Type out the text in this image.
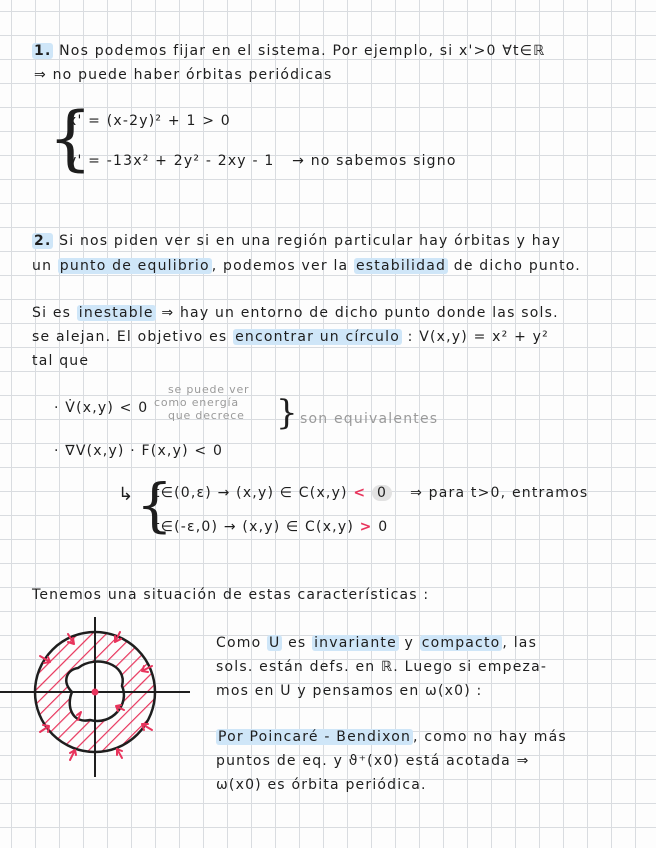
1. Nos podemos fijar en el sistema. Por ejemplo, si x'>0 ∀t∈ℝ
⇒ no puede haber órbitas periódicas
{
x' = (x-2y)² + 1 > 0
y' = -13x² + 2y² - 2xy - 1 → no sabemos signo
2. Si nos piden ver si en una región particular hay órbitas y hay
un punto de equlibrio , podemos ver la estabilidad de dicho punto.
Si es inestable ⇒ hay un entorno de dicho punto donde las sols.
se alejan. El objetivo es encontrar un círculo : V(x,y) = x² + y²
tal que
· V̇(x,y) < 0
se puede ver
como energía
que decrece } son equivalentes
· ∇V(x,y) · F(x,y) < 0
↳ {
t∈(0,ε) → (x,y) ∈ C(x,y) < 0 ⇒ para t>0, entramos
t∈(-ε,0) → (x,y) ∈ C(x,y) > 0
Tenemos una situación de estas características :
Como U es invariante y compacto , las
sols. están defs. en ℝ. Luego si empeza-
mos en U y pensamos en ω(x0) :
Por Poincaré - Bendixon , como no hay más
puntos de eq. y ϑ⁺(x0) está acotada ⇒
ω(x0) es órbita periódica.
